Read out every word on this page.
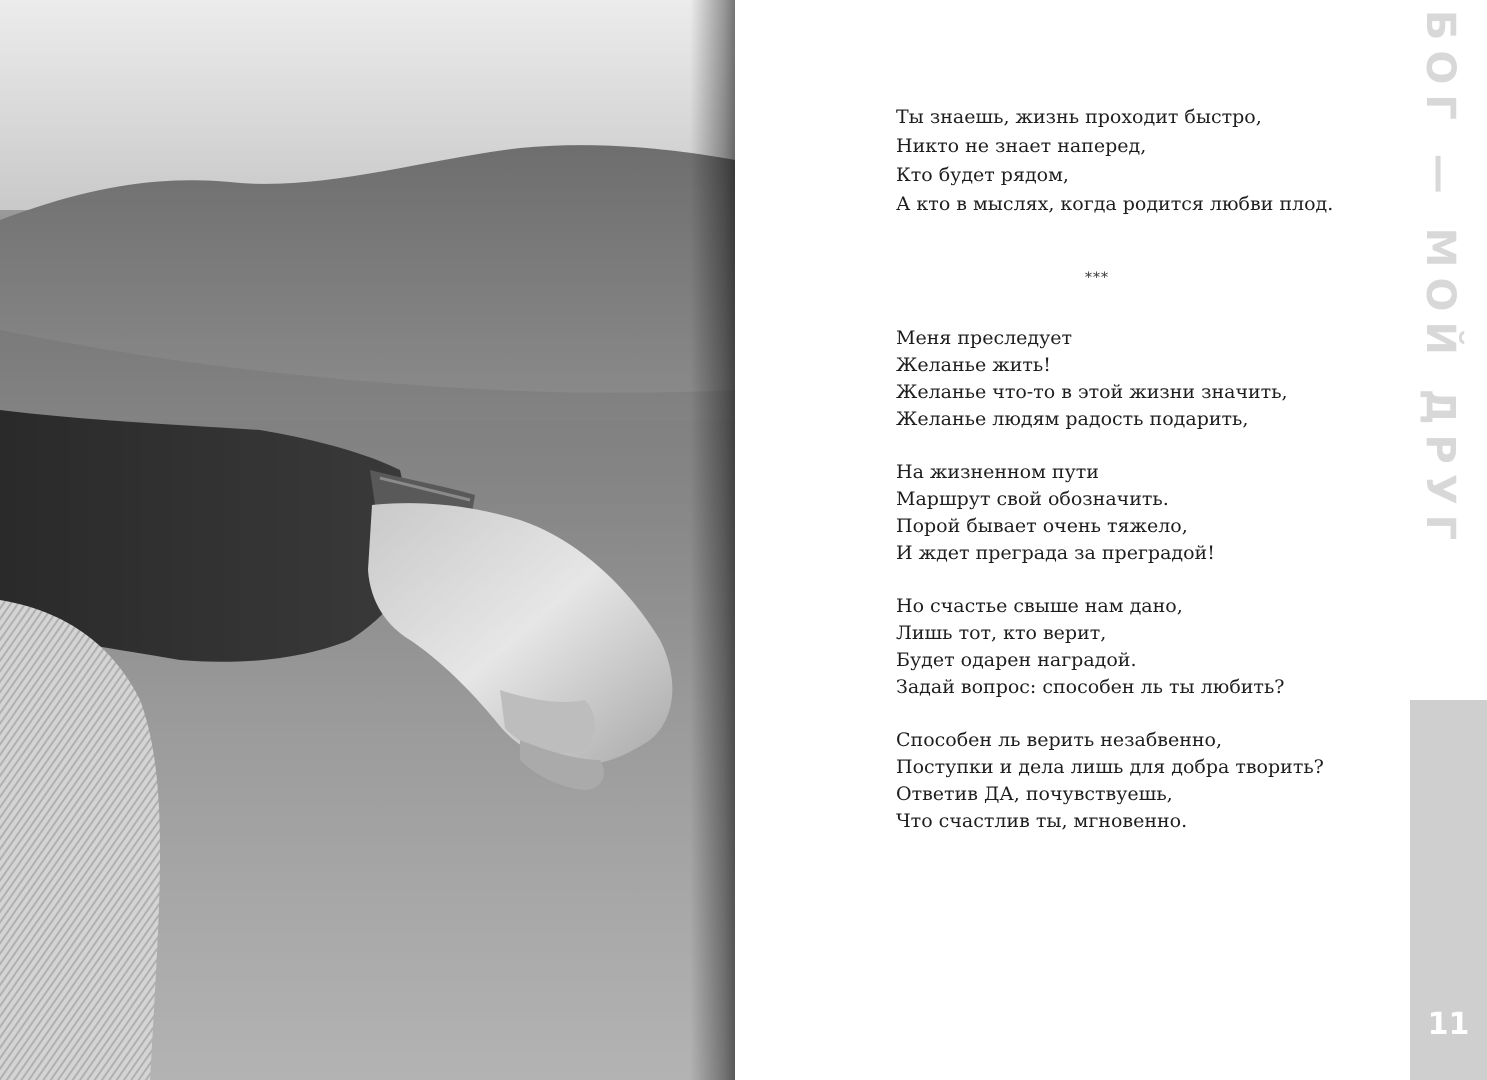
Ты знаешь, жизнь проходит быстро,
Никто не знает наперед,
Кто будет рядом,
А кто в мыслях, когда родится любви плод.
***
Меня преследует
Желанье жить!
Желанье что-то в этой жизни значить,
Желанье людям радость подарить,
На жизненном пути
Маршрут свой обозначить.
Порой бывает очень тяжело,
И ждет преграда за преградой!
Но счастье свыше нам дано,
Лишь тот, кто верит,
Будет одарен наградой.
Задай вопрос: способен ль ты любить?
Способен ль верить незабвенно,
Поступки и дела лишь для добра творить?
Ответив ДА, почувствуешь,
Что счастлив ты, мгновенно.
БОГ — МОЙ ДРУГ
11
